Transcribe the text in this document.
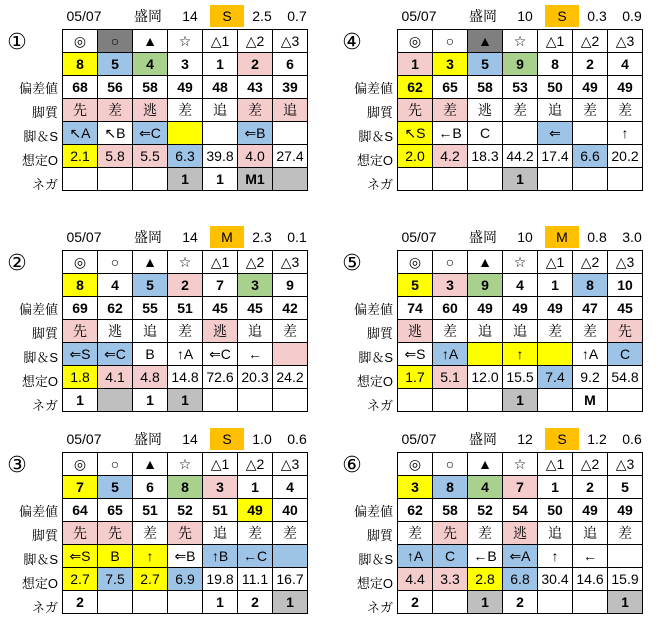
05/07	盛岡	14	S	2.5	0.7
①
偏差値
脚質
脚＆S
想定O
ネガ
◎	○	▲	☆	△1	△2	△3
8	5	4	3	1	2	6
68	56	58	49	48	43	39
先	差	逃	差	追	差	追
↖A	↖B	⇐C			⇐B	
2.1	5.8	5.5	6.3	39.8	4.0	27.4
			1	1	M1	
05/07	盛岡	10	S	0.3	0.9
④
偏差値
脚質
脚＆S
想定O
ネガ
◎	○	▲	☆	△1	△2	△3
1	3	5	9	8	2	4
62	65	58	53	50	49	49
先	差	逃	差	追	差	差
↖S	←B	C		⇐		↑
2.0	4.2	18.3	44.2	17.4	6.6	20.2
			1			
05/07	盛岡	14	M	2.3	0.1
②
偏差値
脚質
脚＆S
想定O
ネガ
◎	○	▲	☆	△1	△2	△3
8	4	5	2	7	3	9
69	62	55	51	45	45	42
先	逃	追	差	逃	追	差
⇐S	⇐C	B	↑A	⇐C	←	
1.8	4.1	4.8	14.8	72.6	20.3	24.2
1		1	1			
05/07	盛岡	10	M	0.8	3.0
⑤
偏差値
脚質
脚＆S
想定O
ネガ
◎	○	▲	☆	△1	△2	△3
5	3	9	4	1	8	10
74	60	49	49	49	47	45
逃	差	追	追	差	差	先
⇐S	↑A		↑		↑A	C
1.7	5.1	12.0	15.5	7.4	9.2	54.8
			1		M	
05/07	盛岡	14	S	1.0	0.6
③
偏差値
脚質
脚＆S
想定O
ネガ
◎	○	▲	☆	△1	△2	△3
7	5	6	8	3	1	4
64	65	51	52	51	49	40
先	先	差	先	追	差	差
⇐S	B	↑	⇐B	↑B	←C	
2.7	7.5	2.7	6.9	19.8	11.1	16.7
2				1	2	1
05/07	盛岡	12	S	1.2	0.6
⑥
偏差値
脚質
脚＆S
想定O
ネガ
◎	○	▲	☆	△1	△2	△3
3	8	4	7	1	2	5
62	58	52	54	50	49	49
差	先	差	逃	追	追	差
↑A	C	←B	⇐A	↑	←	
4.4	3.3	2.8	6.8	30.4	14.6	15.9
2		1	2			1
